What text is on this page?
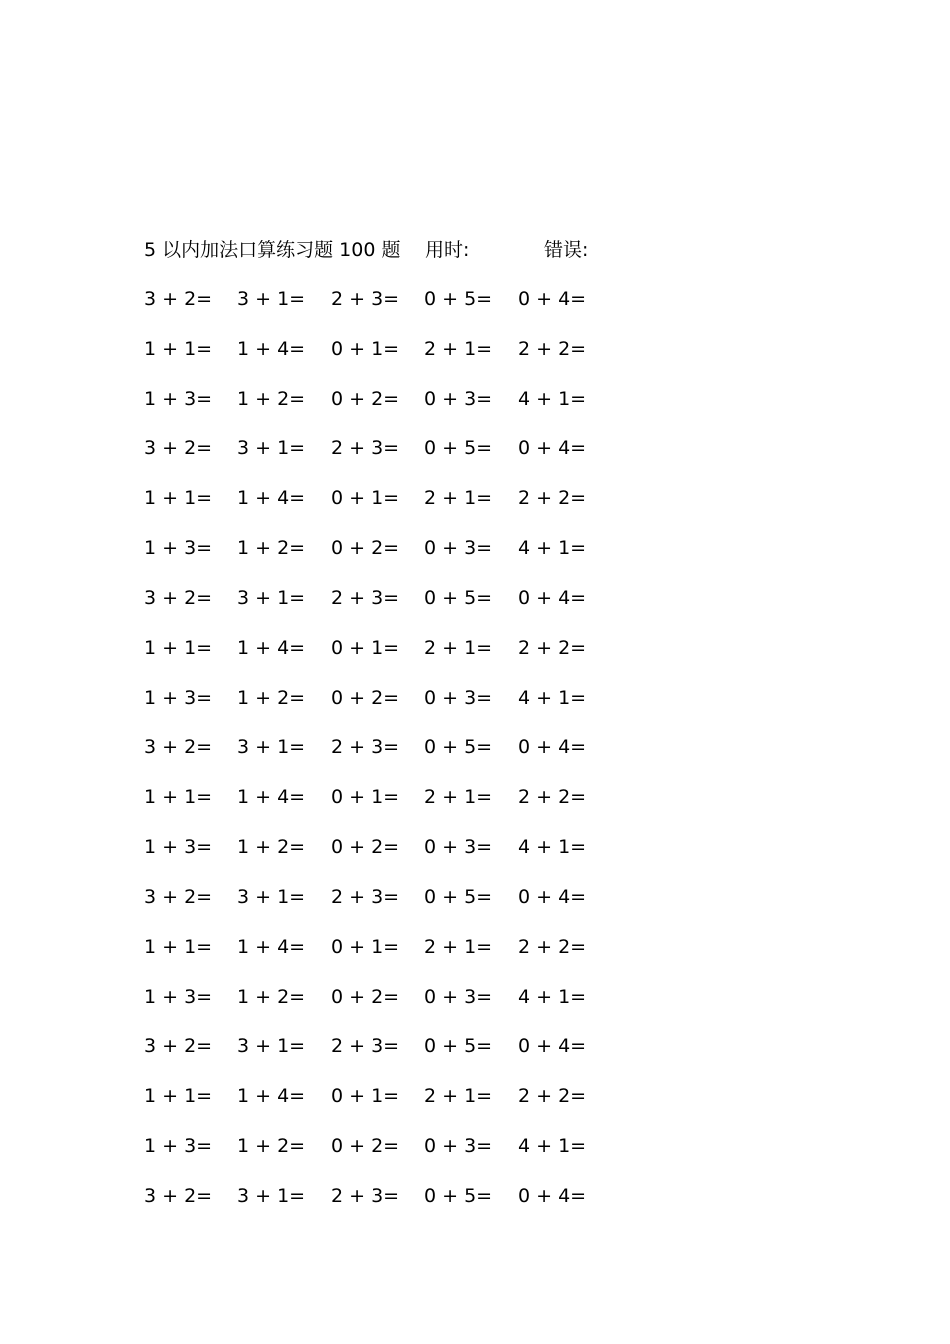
5 以内加法口算练习题 100 题 用时:	错误:
3 + 2= 3 + 1= 2 + 3= 0 + 5= 0 + 4=
1 + 1= 1 + 4= 0 + 1= 2 + 1= 2 + 2=
1 + 3= 1 + 2= 0 + 2= 0 + 3= 4 + 1=
3 + 2= 3 + 1= 2 + 3= 0 + 5= 0 + 4=
1 + 1= 1 + 4= 0 + 1= 2 + 1= 2 + 2=
1 + 3= 1 + 2= 0 + 2= 0 + 3= 4 + 1=
3 + 2= 3 + 1= 2 + 3= 0 + 5= 0 + 4=
1 + 1= 1 + 4= 0 + 1= 2 + 1= 2 + 2=
1 + 3= 1 + 2= 0 + 2= 0 + 3= 4 + 1=
3 + 2= 3 + 1= 2 + 3= 0 + 5= 0 + 4=
1 + 1= 1 + 4= 0 + 1= 2 + 1= 2 + 2=
1 + 3= 1 + 2= 0 + 2= 0 + 3= 4 + 1=
3 + 2= 3 + 1= 2 + 3= 0 + 5= 0 + 4=
1 + 1= 1 + 4= 0 + 1= 2 + 1= 2 + 2=
1 + 3= 1 + 2= 0 + 2= 0 + 3= 4 + 1=
3 + 2= 3 + 1= 2 + 3= 0 + 5= 0 + 4=
1 + 1= 1 + 4= 0 + 1= 2 + 1= 2 + 2=
1 + 3= 1 + 2= 0 + 2= 0 + 3= 4 + 1=
3 + 2= 3 + 1= 2 + 3= 0 + 5= 0 + 4=
